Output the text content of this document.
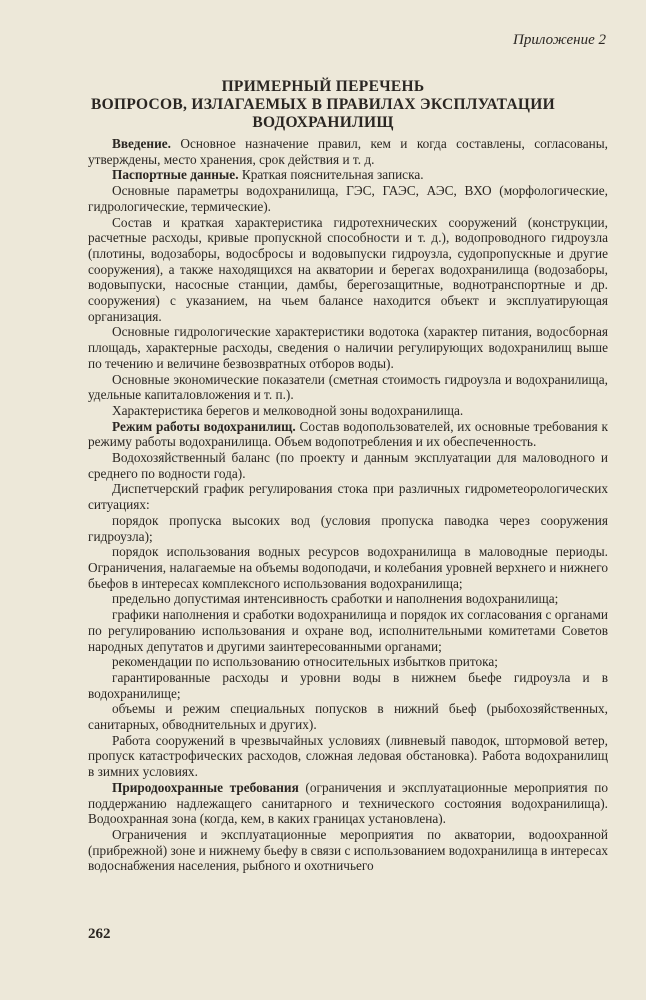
Приложение 2
ПРИМЕРНЫЙ ПЕРЕЧЕНЬ
ВОПРОСОВ, ИЗЛАГАЕМЫХ В ПРАВИЛАХ ЭКСПЛУАТАЦИИ
ВОДОХРАНИЛИЩ

Введение. Основное назначение правил, кем и когда составлены, согласованы, утверждены, место хранения, срок действия и т. д.

Паспортные данные. Краткая пояснительная записка.

Основные параметры водохранилища, ГЭС, ГАЭС, АЭС, ВХО (морфологические, гидрологические, термические).

Состав и краткая характеристика гидротехнических сооружений (конструкции, расчетные расходы, кривые пропускной способности и т. д.), водопроводного гидроузла (плотины, водозаборы, водосбросы и водовыпуски гидроузла, судопропускные и другие сооружения), а также находящихся на акватории и берегах водохранилища (водозаборы, водовыпуски, насосные станции, дамбы, берегозащитные, воднотранспортные и др. сооружения) с указанием, на чьем балансе находится объект и эксплуатирующая организация.

Основные гидрологические характеристики водотока (характер питания, водосборная площадь, характерные расходы, сведения о наличии регулирующих водохранилищ выше по течению и величине безвозвратных отборов воды).

Основные экономические показатели (сметная стоимость гидроузла и водохранилища, удельные капиталовложения и т. п.).

Характеристика берегов и мелководной зоны водохранилища.

Режим работы водохранилищ. Состав водопользователей, их основные требования к режиму работы водохранилища. Объем водопотребления и их обеспеченность.

Водохозяйственный баланс (по проекту и данным эксплуатации для маловодного и среднего по водности года).

Диспетчерский график регулирования стока при различных гидрометеорологических ситуациях:

порядок пропуска высоких вод (условия пропуска паводка через сооружения гидроузла);

порядок использования водных ресурсов водохранилища в маловодные периоды. Ограничения, налагаемые на объемы водоподачи, и колебания уровней верхнего и нижнего бьефов в интересах комплексного использования водохранилища;

предельно допустимая интенсивность сработки и наполнения водохранилища;

графики наполнения и сработки водохранилища и порядок их согласования с органами по регулированию использования и охране вод, исполнительными комитетами Советов народных депутатов и другими заинтересованными органами;

рекомендации по использованию относительных избытков притока;

гарантированные расходы и уровни воды в нижнем бьефе гидроузла и в водохранилище;

объемы и режим специальных попусков в нижний бьеф (рыбохозяйственных, санитарных, обводнительных и других).

Работа сооружений в чрезвычайных условиях (ливневый паводок, штормовой ветер, пропуск катастрофических расходов, сложная ледовая обстановка). Работа водохранилищ в зимних условиях.

Природоохранные требования (ограничения и эксплуатационные мероприятия по поддержанию надлежащего санитарного и технического состояния водохранилища). Водоохранная зона (когда, кем, в каких границах установлена).

Ограничения и эксплуатационные мероприятия по акватории, водоохранной (прибрежной) зоне и нижнему бьефу в связи с использованием водохранилища в интересах водоснабжения населения, рыбного и охотничьего

262
